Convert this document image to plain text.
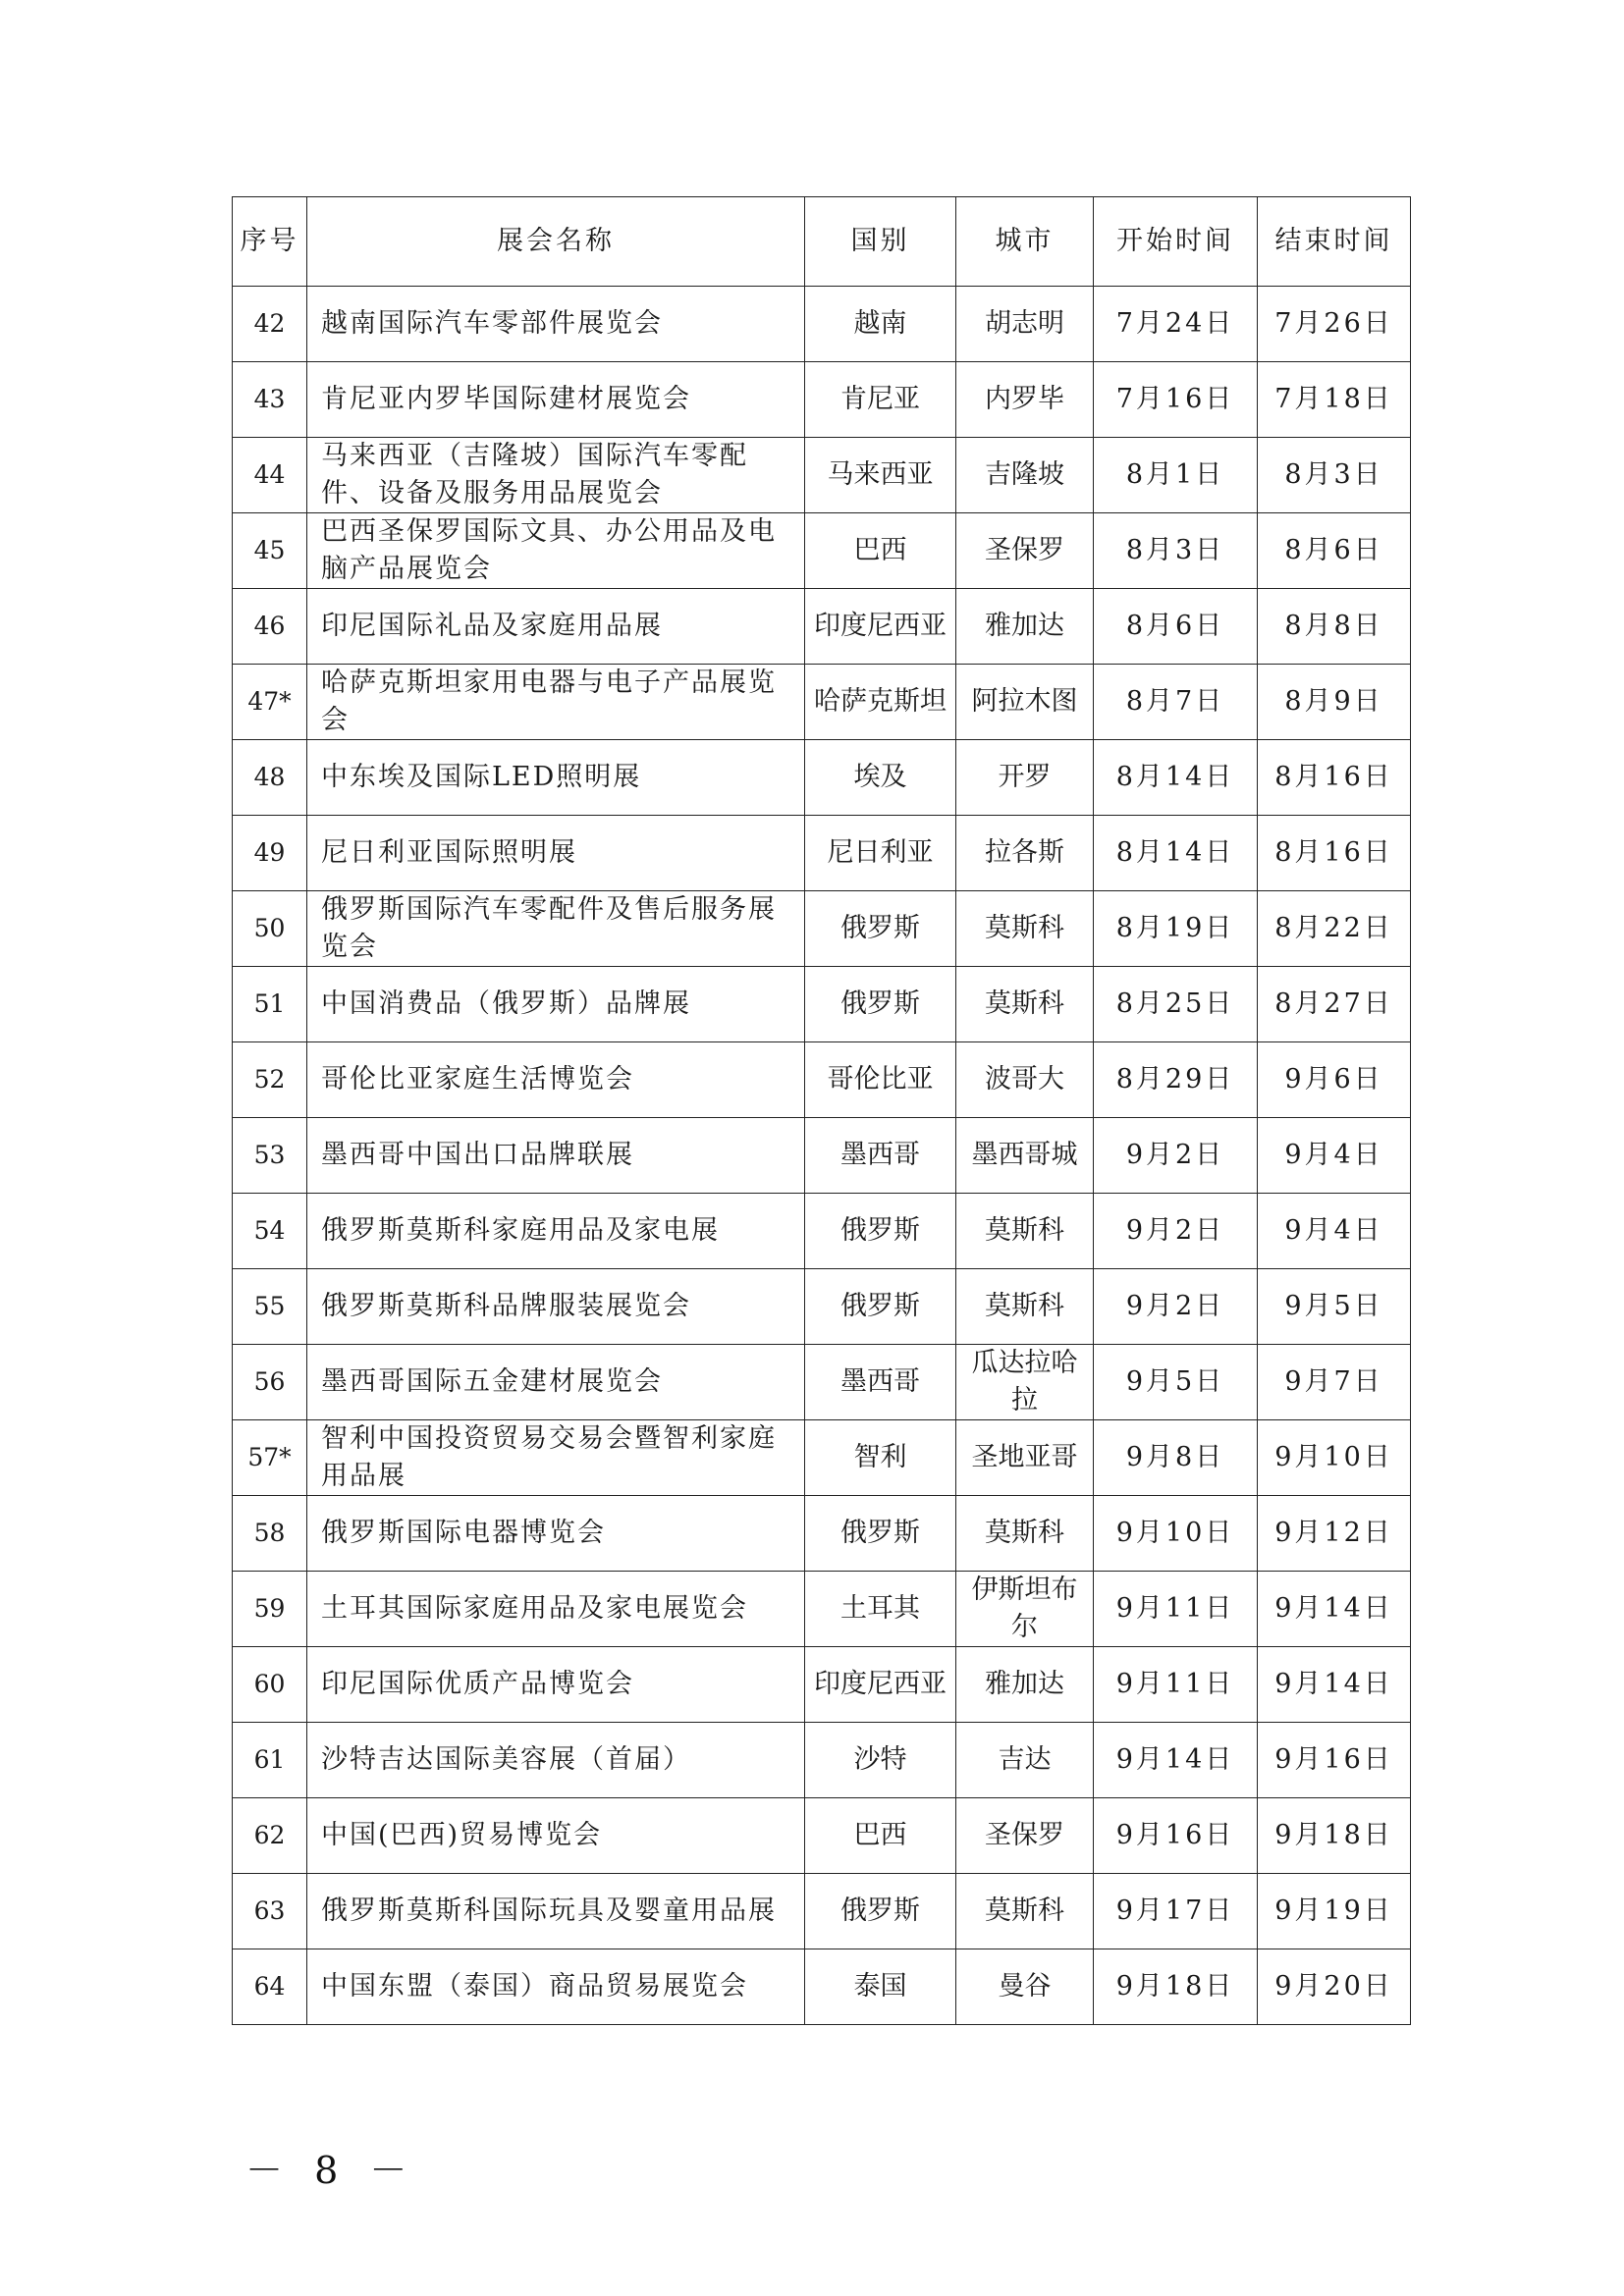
序号	展会名称	国别	城市	开始时间	结束时间
42	越南国际汽车零部件展览会	越南	胡志明	7月24日	7月26日
43	肯尼亚内罗毕国际建材展览会	肯尼亚	内罗毕	7月16日	7月18日
44	马来西亚（吉隆坡）国际汽车零配件、设备及服务用品展览会	马来西亚	吉隆坡	8月1日	8月3日
45	巴西圣保罗国际文具、办公用品及电脑产品展览会	巴西	圣保罗	8月3日	8月6日
46	印尼国际礼品及家庭用品展	印度尼西亚	雅加达	8月6日	8月8日
47*	哈萨克斯坦家用电器与电子产品展览会	哈萨克斯坦	阿拉木图	8月7日	8月9日
48	中东埃及国际LED照明展	埃及	开罗	8月14日	8月16日
49	尼日利亚国际照明展	尼日利亚	拉各斯	8月14日	8月16日
50	俄罗斯国际汽车零配件及售后服务展览会	俄罗斯	莫斯科	8月19日	8月22日
51	中国消费品（俄罗斯）品牌展	俄罗斯	莫斯科	8月25日	8月27日
52	哥伦比亚家庭生活博览会	哥伦比亚	波哥大	8月29日	9月6日
53	墨西哥中国出口品牌联展	墨西哥	墨西哥城	9月2日	9月4日
54	俄罗斯莫斯科家庭用品及家电展	俄罗斯	莫斯科	9月2日	9月4日
55	俄罗斯莫斯科品牌服装展览会	俄罗斯	莫斯科	9月2日	9月5日
56	墨西哥国际五金建材展览会	墨西哥	瓜达拉哈拉	9月5日	9月7日
57*	智利中国投资贸易交易会暨智利家庭用品展	智利	圣地亚哥	9月8日	9月10日
58	俄罗斯国际电器博览会	俄罗斯	莫斯科	9月10日	9月12日
59	土耳其国际家庭用品及家电展览会	土耳其	伊斯坦布尔	9月11日	9月14日
60	印尼国际优质产品博览会	印度尼西亚	雅加达	9月11日	9月14日
61	沙特吉达国际美容展（首届）	沙特	吉达	9月14日	9月16日
62	中国(巴西)贸易博览会	巴西	圣保罗	9月16日	9月18日
63	俄罗斯莫斯科国际玩具及婴童用品展	俄罗斯	莫斯科	9月17日	9月19日
64	中国东盟（泰国）商品贸易展览会	泰国	曼谷	9月18日	9月20日
－ 8 －
